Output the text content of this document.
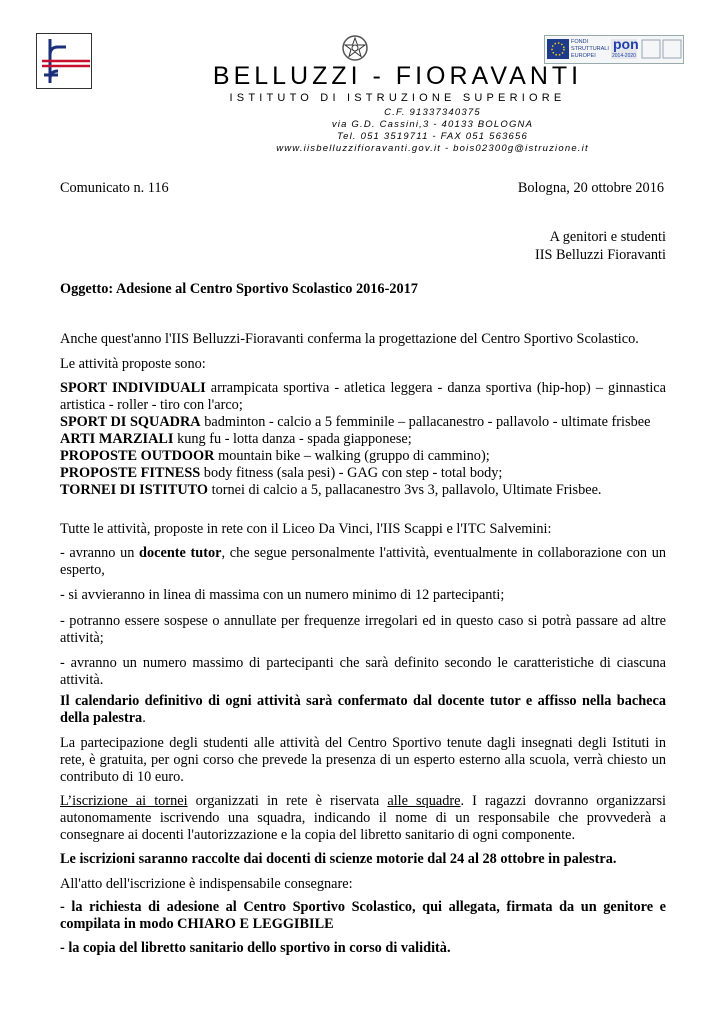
FONDI STRUTTURALI EUROPEI
pon
2014-2020
BELLUZZI - FIORAVANTI
ISTITUTO DI ISTRUZIONE SUPERIORE
C.F. 91337340375
via G.D. Cassini,3 - 40133 BOLOGNA
Tel. 051 3519711 - FAX 051 563656
www.iisbelluzzifioravanti.gov.it - bois02300g@istruzione.it
Comunicato n. 116	Bologna, 20 ottobre 2016
A genitori e studenti
IIS Belluzzi Fioravanti
Oggetto: Adesione al Centro Sportivo Scolastico 2016-2017
Anche quest'anno l'IIS Belluzzi-Fioravanti conferma la progettazione del Centro Sportivo Scolastico.
Le attività proposte sono:
SPORT INDIVIDUALI arrampicata sportiva - atletica leggera - danza sportiva (hip-hop) – ginnastica artistica - roller - tiro con l'arco;
SPORT DI SQUADRA badminton - calcio a 5 femminile – pallacanestro - pallavolo - ultimate frisbee
ARTI MARZIALI kung fu - lotta danza - spada giapponese;
PROPOSTE OUTDOOR mountain bike – walking (gruppo di cammino);
PROPOSTE FITNESS body fitness (sala pesi) - GAG con step - total body;
TORNEI DI ISTITUTO tornei di calcio a 5, pallacanestro 3vs 3, pallavolo, Ultimate Frisbee.
Tutte le attività, proposte in rete con il Liceo Da Vinci, l'IIS Scappi e l'ITC Salvemini:
- avranno un docente tutor, che segue personalmente l'attività, eventualmente in collaborazione con un esperto,
- si avvieranno in linea di massima con un numero minimo di 12 partecipanti;
- potranno essere sospese o annullate per frequenze irregolari ed in questo caso si potrà passare ad altre attività;
- avranno un numero massimo di partecipanti che sarà definito secondo le caratteristiche di ciascuna attività.
Il calendario definitivo di ogni attività sarà confermato dal docente tutor e affisso nella bacheca della palestra.
La partecipazione degli studenti alle attività del Centro Sportivo tenute dagli insegnati degli Istituti in rete, è gratuita, per ogni corso che prevede la presenza di un esperto esterno alla scuola, verrà chiesto un contributo di 10 euro.
L’iscrizione ai tornei organizzati in rete è riservata alle squadre. I ragazzi dovranno organizzarsi autonomamente iscrivendo una squadra, indicando il nome di un responsabile che provvederà a consegnare ai docenti l'autorizzazione e la copia del libretto sanitario di ogni componente.
Le iscrizioni saranno raccolte dai docenti di scienze motorie dal 24 al 28 ottobre in palestra.
All'atto dell'iscrizione è indispensabile consegnare:
- la richiesta di adesione al Centro Sportivo Scolastico, qui allegata, firmata da un genitore e compilata in modo CHIARO E LEGGIBILE
- la copia del libretto sanitario dello sportivo in corso di validità.
